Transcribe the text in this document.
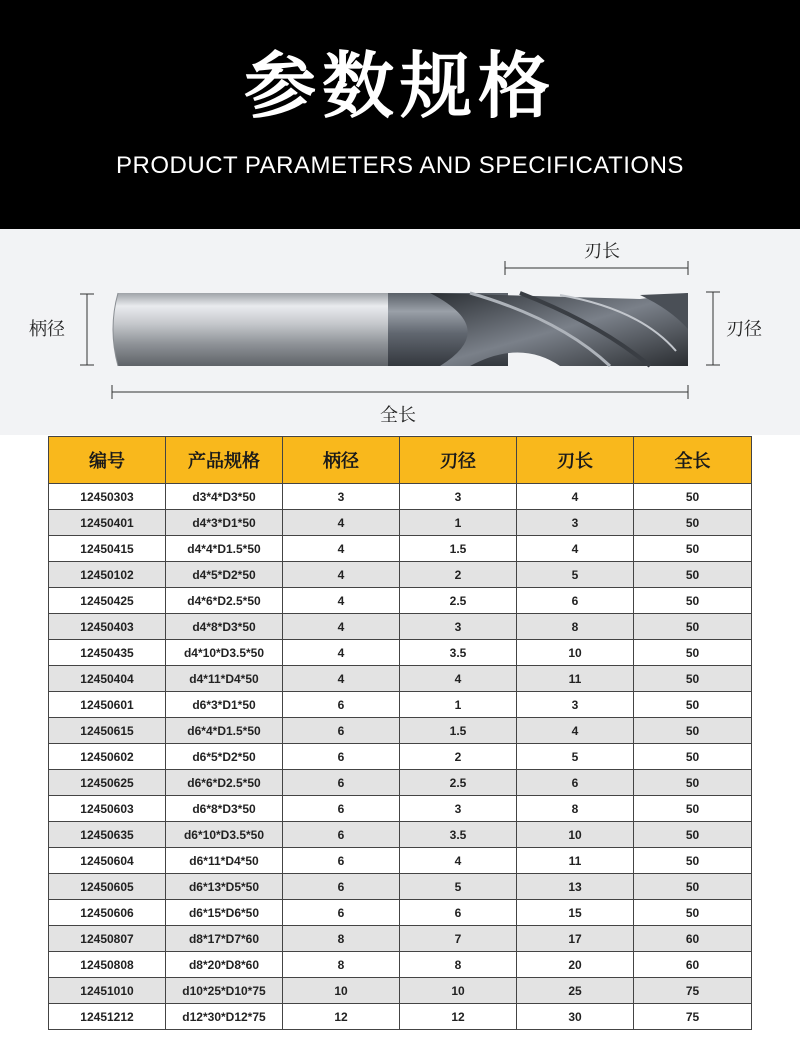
参数规格
PRODUCT PARAMETERS AND SPECIFICATIONS
刃长
柄径	刃径
全长
编号	产品规格	柄径	刃径	刃长	全长
12450303	d3*4*D3*50	3	3	4	50
12450401	d4*3*D1*50	4	1	3	50
12450415	d4*4*D1.5*50	4	1.5	4	50
12450102	d4*5*D2*50	4	2	5	50
12450425	d4*6*D2.5*50	4	2.5	6	50
12450403	d4*8*D3*50	4	3	8	50
12450435	d4*10*D3.5*50	4	3.5	10	50
12450404	d4*11*D4*50	4	4	11	50
12450601	d6*3*D1*50	6	1	3	50
12450615	d6*4*D1.5*50	6	1.5	4	50
12450602	d6*5*D2*50	6	2	5	50
12450625	d6*6*D2.5*50	6	2.5	6	50
12450603	d6*8*D3*50	6	3	8	50
12450635	d6*10*D3.5*50	6	3.5	10	50
12450604	d6*11*D4*50	6	4	11	50
12450605	d6*13*D5*50	6	5	13	50
12450606	d6*15*D6*50	6	6	15	50
12450807	d8*17*D7*60	8	7	17	60
12450808	d8*20*D8*60	8	8	20	60
12451010	d10*25*D10*75	10	10	25	75
12451212	d12*30*D12*75	12	12	30	75
